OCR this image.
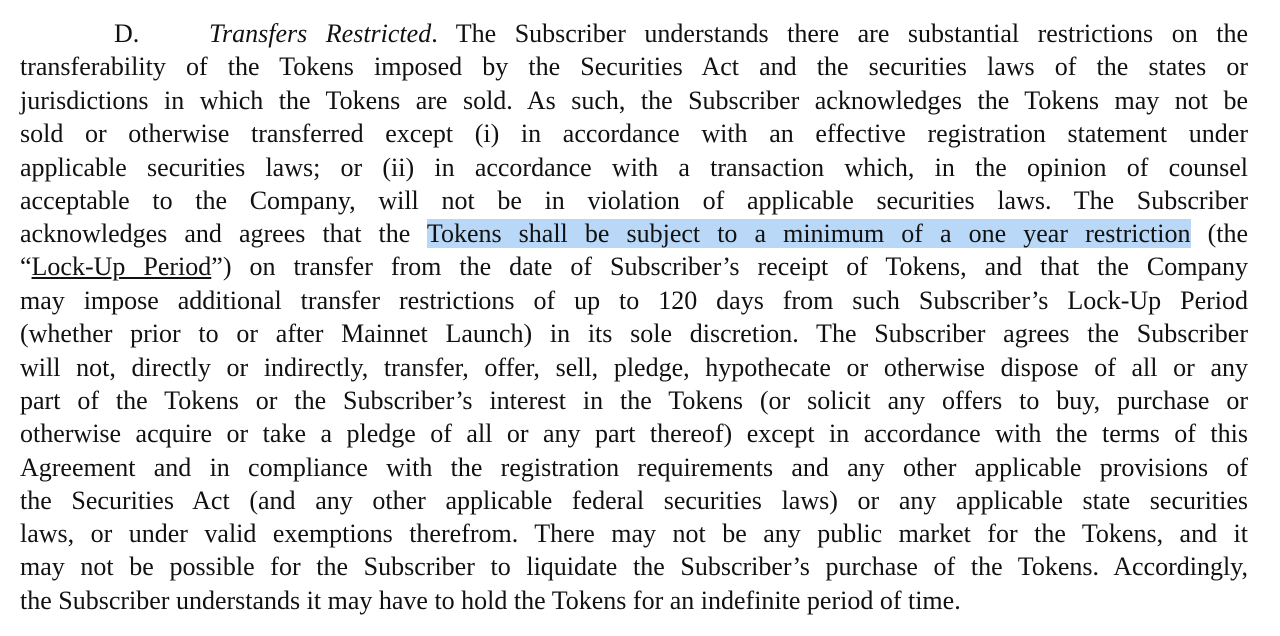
D.	Transfers Restricted. The Subscriber understands there are substantial restrictions on the
transferability of the Tokens imposed by the Securities Act and the securities laws of the states or
jurisdictions in which the Tokens are sold. As such, the Subscriber acknowledges the Tokens may not be
sold or otherwise transferred except (i) in accordance with an effective registration statement under
applicable securities laws; or (ii) in accordance with a transaction which, in the opinion of counsel
acceptable to the Company, will not be in violation of applicable securities laws. The Subscriber
acknowledges and agrees that the Tokens shall be subject to a minimum of a one year restriction (the
“Lock-Up Period”) on transfer from the date of Subscriber’s receipt of Tokens, and that the Company
may impose additional transfer restrictions of up to 120 days from such Subscriber’s Lock-Up Period
(whether prior to or after Mainnet Launch) in its sole discretion. The Subscriber agrees the Subscriber
will not, directly or indirectly, transfer, offer, sell, pledge, hypothecate or otherwise dispose of all or any
part of the Tokens or the Subscriber’s interest in the Tokens (or solicit any offers to buy, purchase or
otherwise acquire or take a pledge of all or any part thereof) except in accordance with the terms of this
Agreement and in compliance with the registration requirements and any other applicable provisions of
the Securities Act (and any other applicable federal securities laws) or any applicable state securities
laws, or under valid exemptions therefrom. There may not be any public market for the Tokens, and it
may not be possible for the Subscriber to liquidate the Subscriber’s purchase of the Tokens. Accordingly,
the Subscriber understands it may have to hold the Tokens for an indefinite period of time.
